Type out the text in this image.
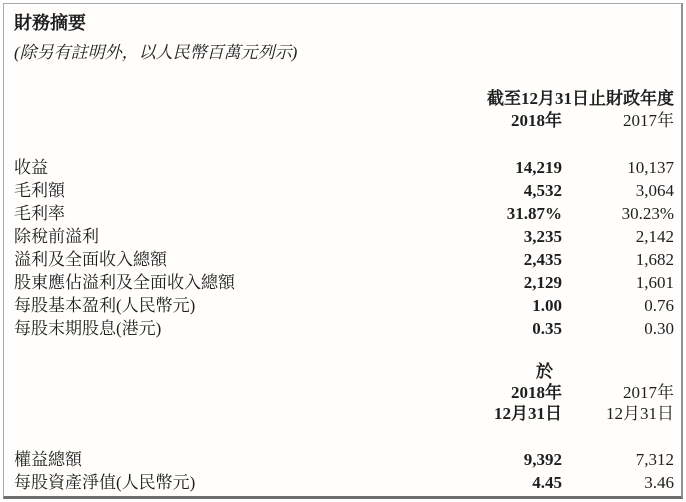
財務摘要
(除另有註明外，以人民幣百萬元列示)
截至12月31日止財政年度
2018年	2017年
收益	14,219	10,137
毛利額	4,532	3,064
毛利率	31.87%	30.23%
除稅前溢利	3,235	2,142
溢利及全面收入總額	2,435	1,682
股東應佔溢利及全面收入總額	2,129	1,601
每股基本盈利(人民幣元)	1.00	0.76
每股末期股息(港元)	0.35	0.30
於
2018年	2017年
12月31日	12月31日
權益總額	9,392	7,312
每股資產淨值(人民幣元)	4.45	3.46
